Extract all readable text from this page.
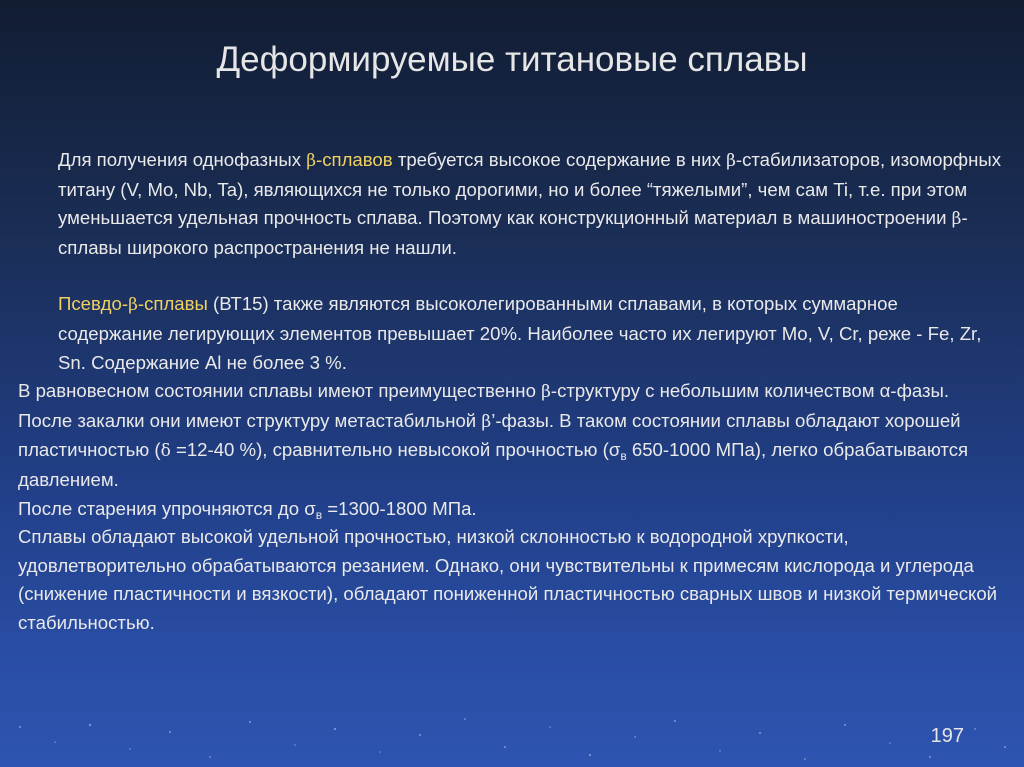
Деформируемые титановые сплавы

Для получения однофазных β-сплавов требуется высокое содержание в них β-стабилизаторов, изоморфных титану (V, Mo, Nb, Ta), являющихся не только дорогими, но и более “тяжелыми”, чем сам Ti, т.е. при этом уменьшается удельная прочность сплава. Поэтому как конструкционный материал в машиностроении β-сплавы широкого распространения не нашли.

Псевдо-β-сплавы (ВТ15) также являются высоколегированными сплавами, в которых суммарное содержание легирующих элементов превышает 20%. Наиболее часто их легируют Mo, V, Cr, реже - Fe, Zr, Sn. Содержание Al не более 3 %.

В равновесном состоянии сплавы имеют преимущественно β-структуру с небольшим количеством α-фазы.

После закалки они имеют структуру метастабильной β’-фазы. В таком состоянии сплавы обладают хорошей пластичностью (δ =12-40 %), сравнительно невысокой прочностью ($\sigma_в$ 650-1000 МПа), легко обрабатываются давлением.

После старения упрочняются до $\sigma_в =1300-1800$ МПа.

Сплавы обладают высокой удельной прочностью, низкой склонностью к водородной хрупкости, удовлетворительно обрабатываются резанием. Однако, они чувствительны к примесям кислорода и углерода (снижение пластичности и вязкости), обладают пониженной пластичностью сварных швов и низкой термической стабильностью.

197
